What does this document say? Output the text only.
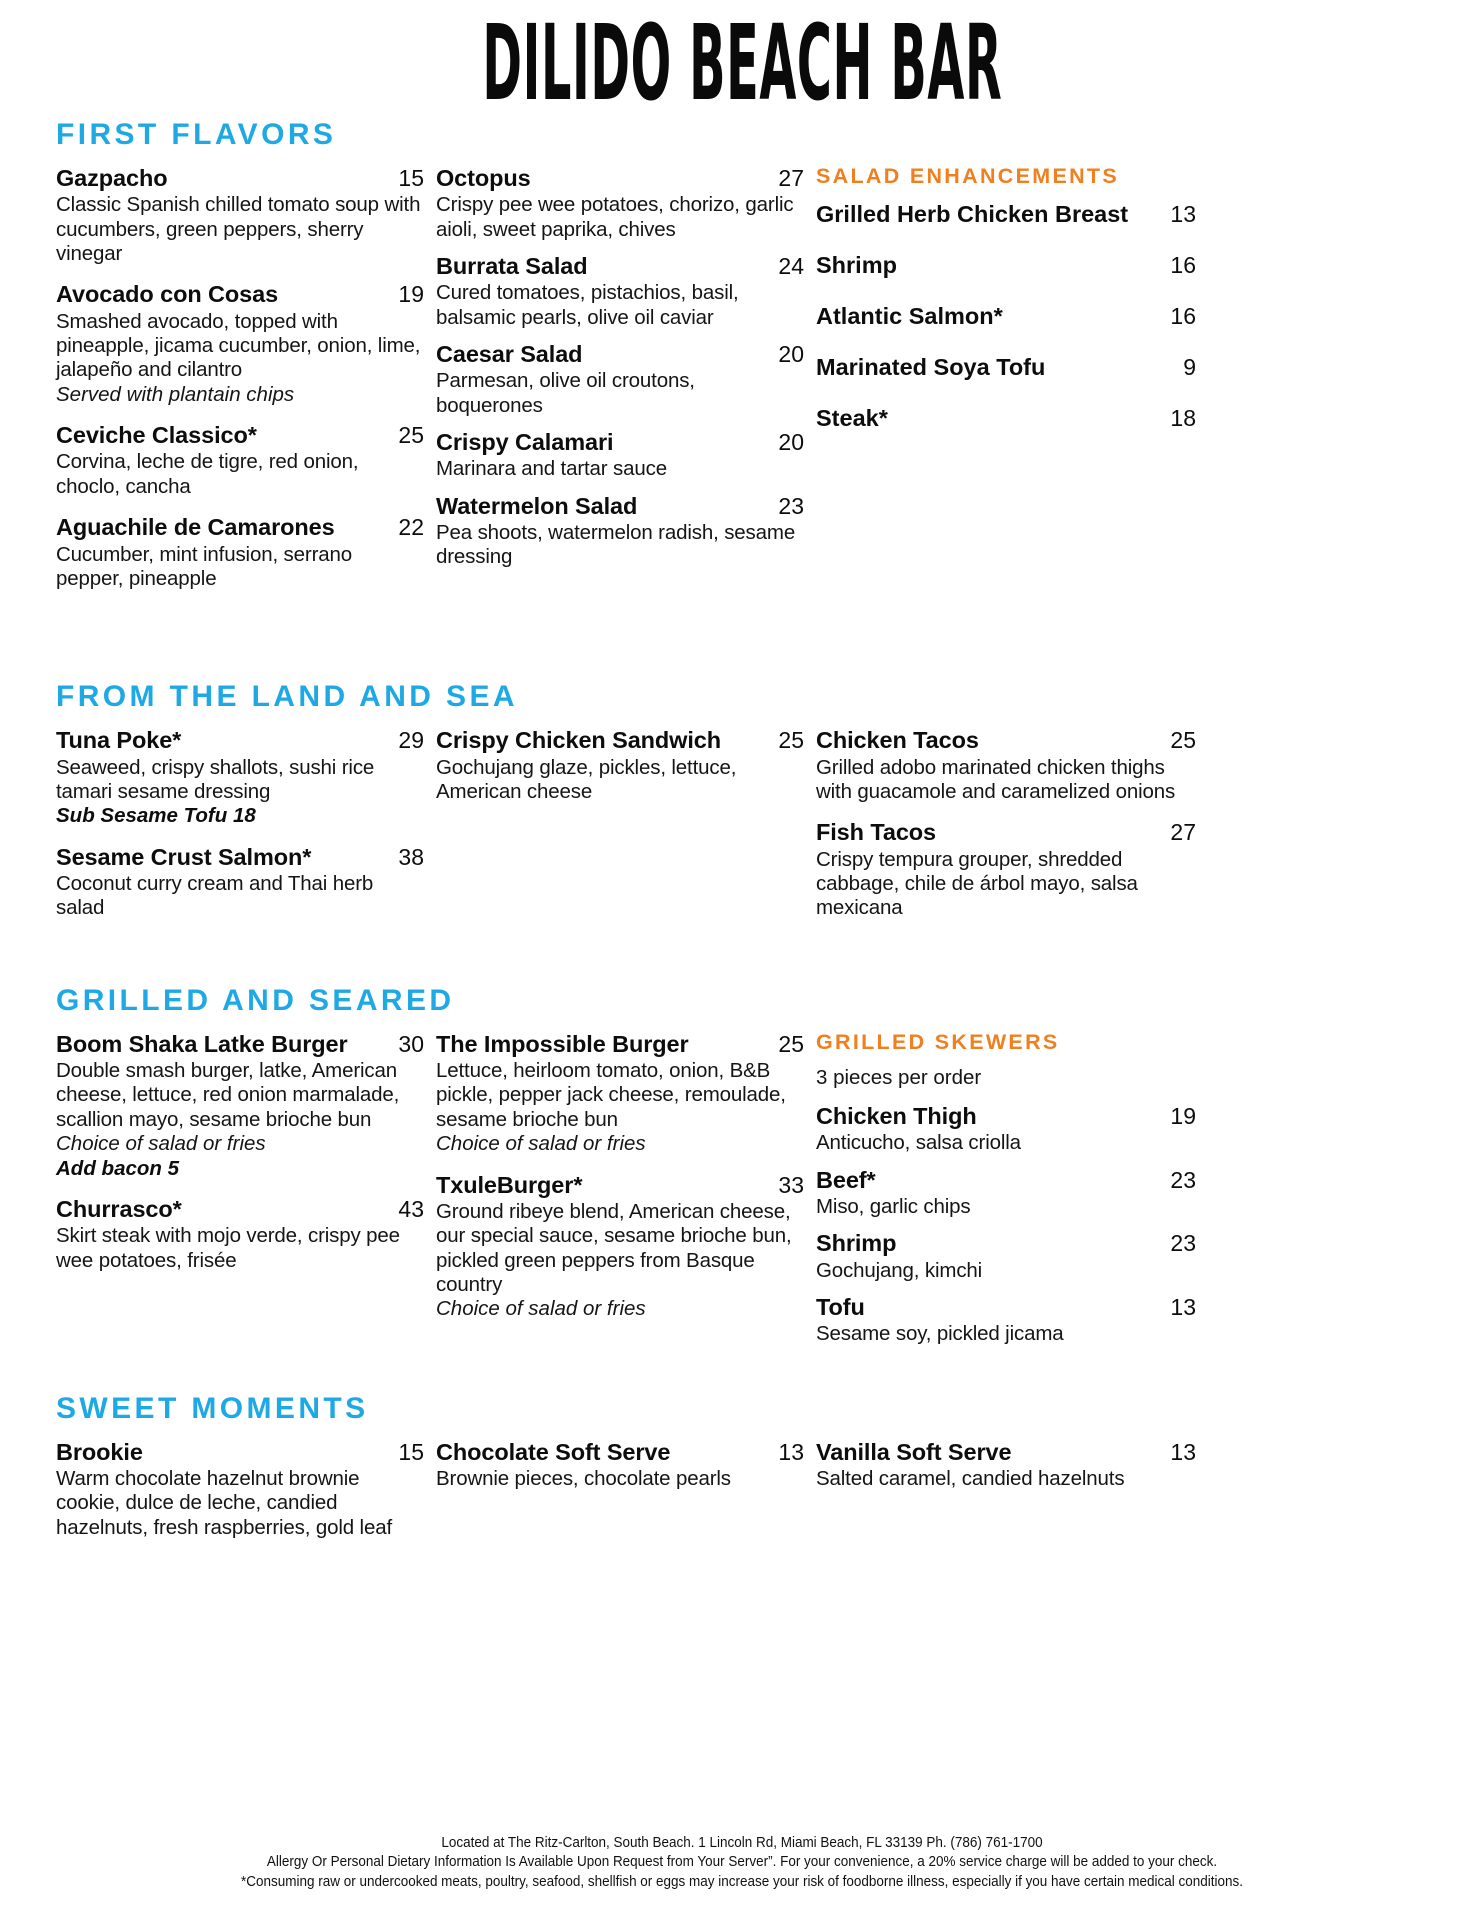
DILIDO BEACH BAR
FIRST FLAVORS
Gazpacho	15
Classic Spanish chilled tomato soup with cucumbers, green peppers, sherry vinegar
Avocado con Cosas	19
Smashed avocado, topped with pineapple, jicama cucumber, onion, lime, jalapeño and cilantro
Served with plantain chips
Ceviche Classico*	25
Corvina, leche de tigre, red onion, choclo, cancha
Aguachile de Camarones	22
Cucumber, mint infusion, serrano pepper, pineapple
Octopus	27
Crispy pee wee potatoes, chorizo, garlic aioli, sweet paprika, chives
Burrata Salad	24
Cured tomatoes, pistachios, basil, balsamic pearls, olive oil caviar
Caesar Salad	20
Parmesan, olive oil croutons, boquerones
Crispy Calamari	20
Marinara and tartar sauce
Watermelon Salad	23
Pea shoots, watermelon radish, sesame dressing
SALAD ENHANCEMENTS
Grilled Herb Chicken Breast 13
Shrimp	16
Atlantic Salmon*	16
Marinated Soya Tofu	9
Steak*	18
FROM THE LAND AND SEA
Tuna Poke*	29
Seaweed, crispy shallots, sushi rice tamari sesame dressing
Sub Sesame Tofu 18
Sesame Crust Salmon*	38
Coconut curry cream and Thai herb salad
Crispy Chicken Sandwich 25
Gochujang glaze, pickles, lettuce, American cheese
Chicken Tacos	25
Grilled adobo marinated chicken thighs with guacamole and caramelized onions
Fish Tacos	27
Crispy tempura grouper, shredded cabbage, chile de árbol mayo, salsa mexicana
GRILLED AND SEARED
Boom Shaka Latke Burger 30
Double smash burger, latke, American cheese, lettuce, red onion marmalade, scallion mayo, sesame brioche bun
Choice of salad or fries
Add bacon 5
Churrasco*	43
Skirt steak with mojo verde, crispy pee wee potatoes, frisée
The Impossible Burger	25
Lettuce, heirloom tomato, onion, B&B pickle, pepper jack cheese, remoulade, sesame brioche bun
Choice of salad or fries
TxuleBurger*	33
Ground ribeye blend, American cheese, our special sauce, sesame brioche bun, pickled green peppers from Basque country
Choice of salad or fries
GRILLED SKEWERS
3 pieces per order
Chicken Thigh	19
Anticucho, salsa criolla
Beef*	23
Miso, garlic chips
Shrimp	23
Gochujang, kimchi
Tofu	13
Sesame soy, pickled jicama
SWEET MOMENTS
Brookie	15
Warm chocolate hazelnut brownie cookie, dulce de leche, candied hazelnuts, fresh raspberries, gold leaf
Chocolate Soft Serve	13
Brownie pieces, chocolate pearls
Vanilla Soft Serve	13
Salted caramel, candied hazelnuts
Located at The Ritz-Carlton, South Beach. 1 Lincoln Rd, Miami Beach, FL 33139 Ph. (786) 761-1700
Allergy Or Personal Dietary Information Is Available Upon Request from Your Server”. For your convenience, a 20% service charge will be added to your check.
*Consuming raw or undercooked meats, poultry, seafood, shellfish or eggs may increase your risk of foodborne illness, especially if you have certain medical conditions.
